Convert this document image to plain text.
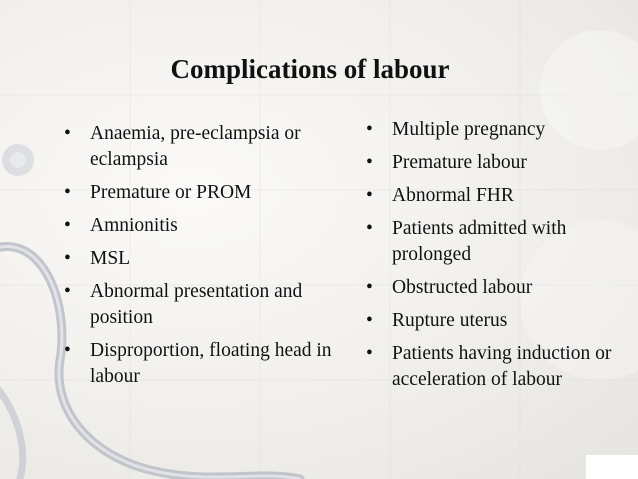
Complications of labour
• Anaemia, pre-eclampsia or eclampsia
• Premature or PROM
• Amnionitis
• MSL
• Abnormal presentation and position
• Disproportion, floating head in labour
• Multiple pregnancy
• Premature labour
• Abnormal FHR
• Patients admitted with prolonged
• Obstructed labour
• Rupture uterus
• Patients having induction or acceleration of labour
